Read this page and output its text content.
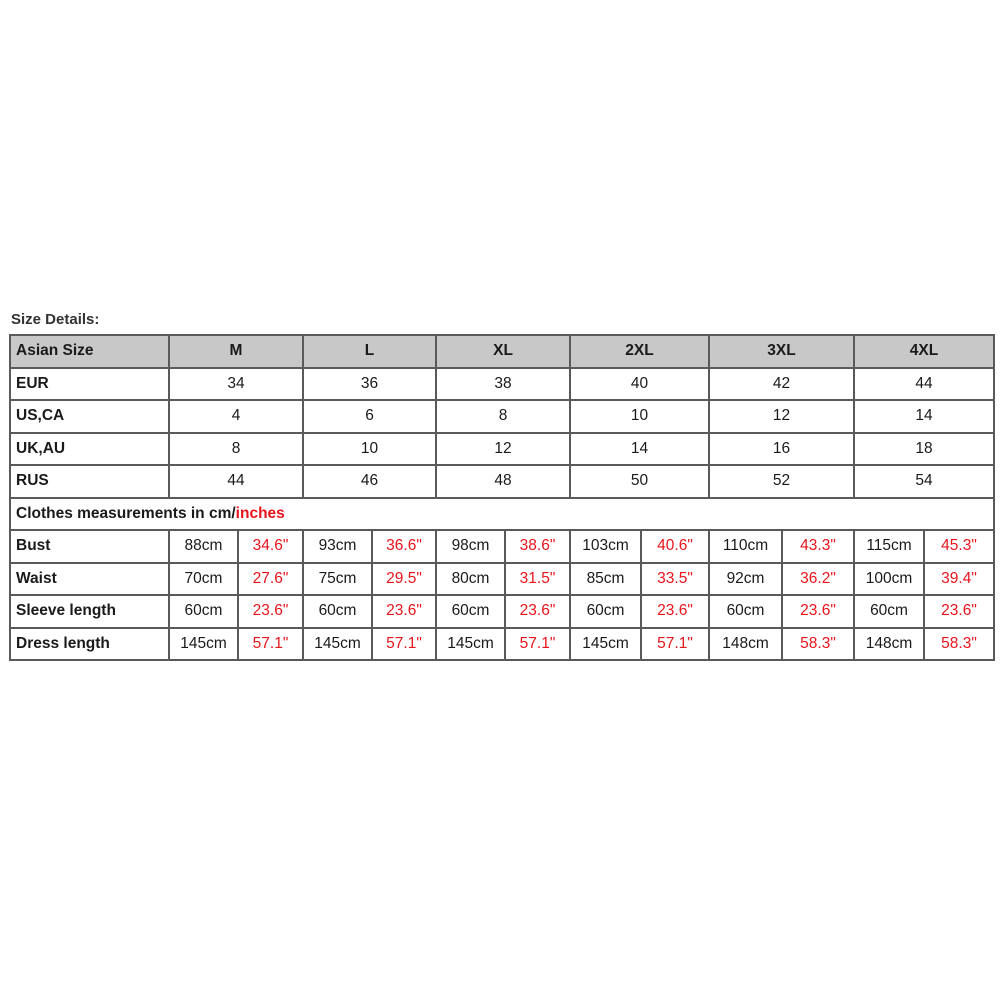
Size Details:
Asian Size	M		L		XL		2XL		3XL		4XL	
EUR	34		36		38		40		42		44	
US,CA	4		6		8		10		12		14	
UK,AU	8		10		12		14		16		18	
RUS	44		46		48		50		52		54	
Clothes measurements in cm/inches												
Bust	88cm	34.6"	93cm	36.6"	98cm	38.6"	103cm	40.6"	110cm	43.3"	115cm	45.3"
Waist	70cm	27.6"	75cm	29.5"	80cm	31.5"	85cm	33.5"	92cm	36.2"	100cm	39.4"
Sleeve length	60cm	23.6"	60cm	23.6"	60cm	23.6"	60cm	23.6"	60cm	23.6"	60cm	23.6"
Dress length	145cm	57.1"	145cm	57.1"	145cm	57.1"	145cm	57.1"	148cm	58.3"	148cm	58.3"
